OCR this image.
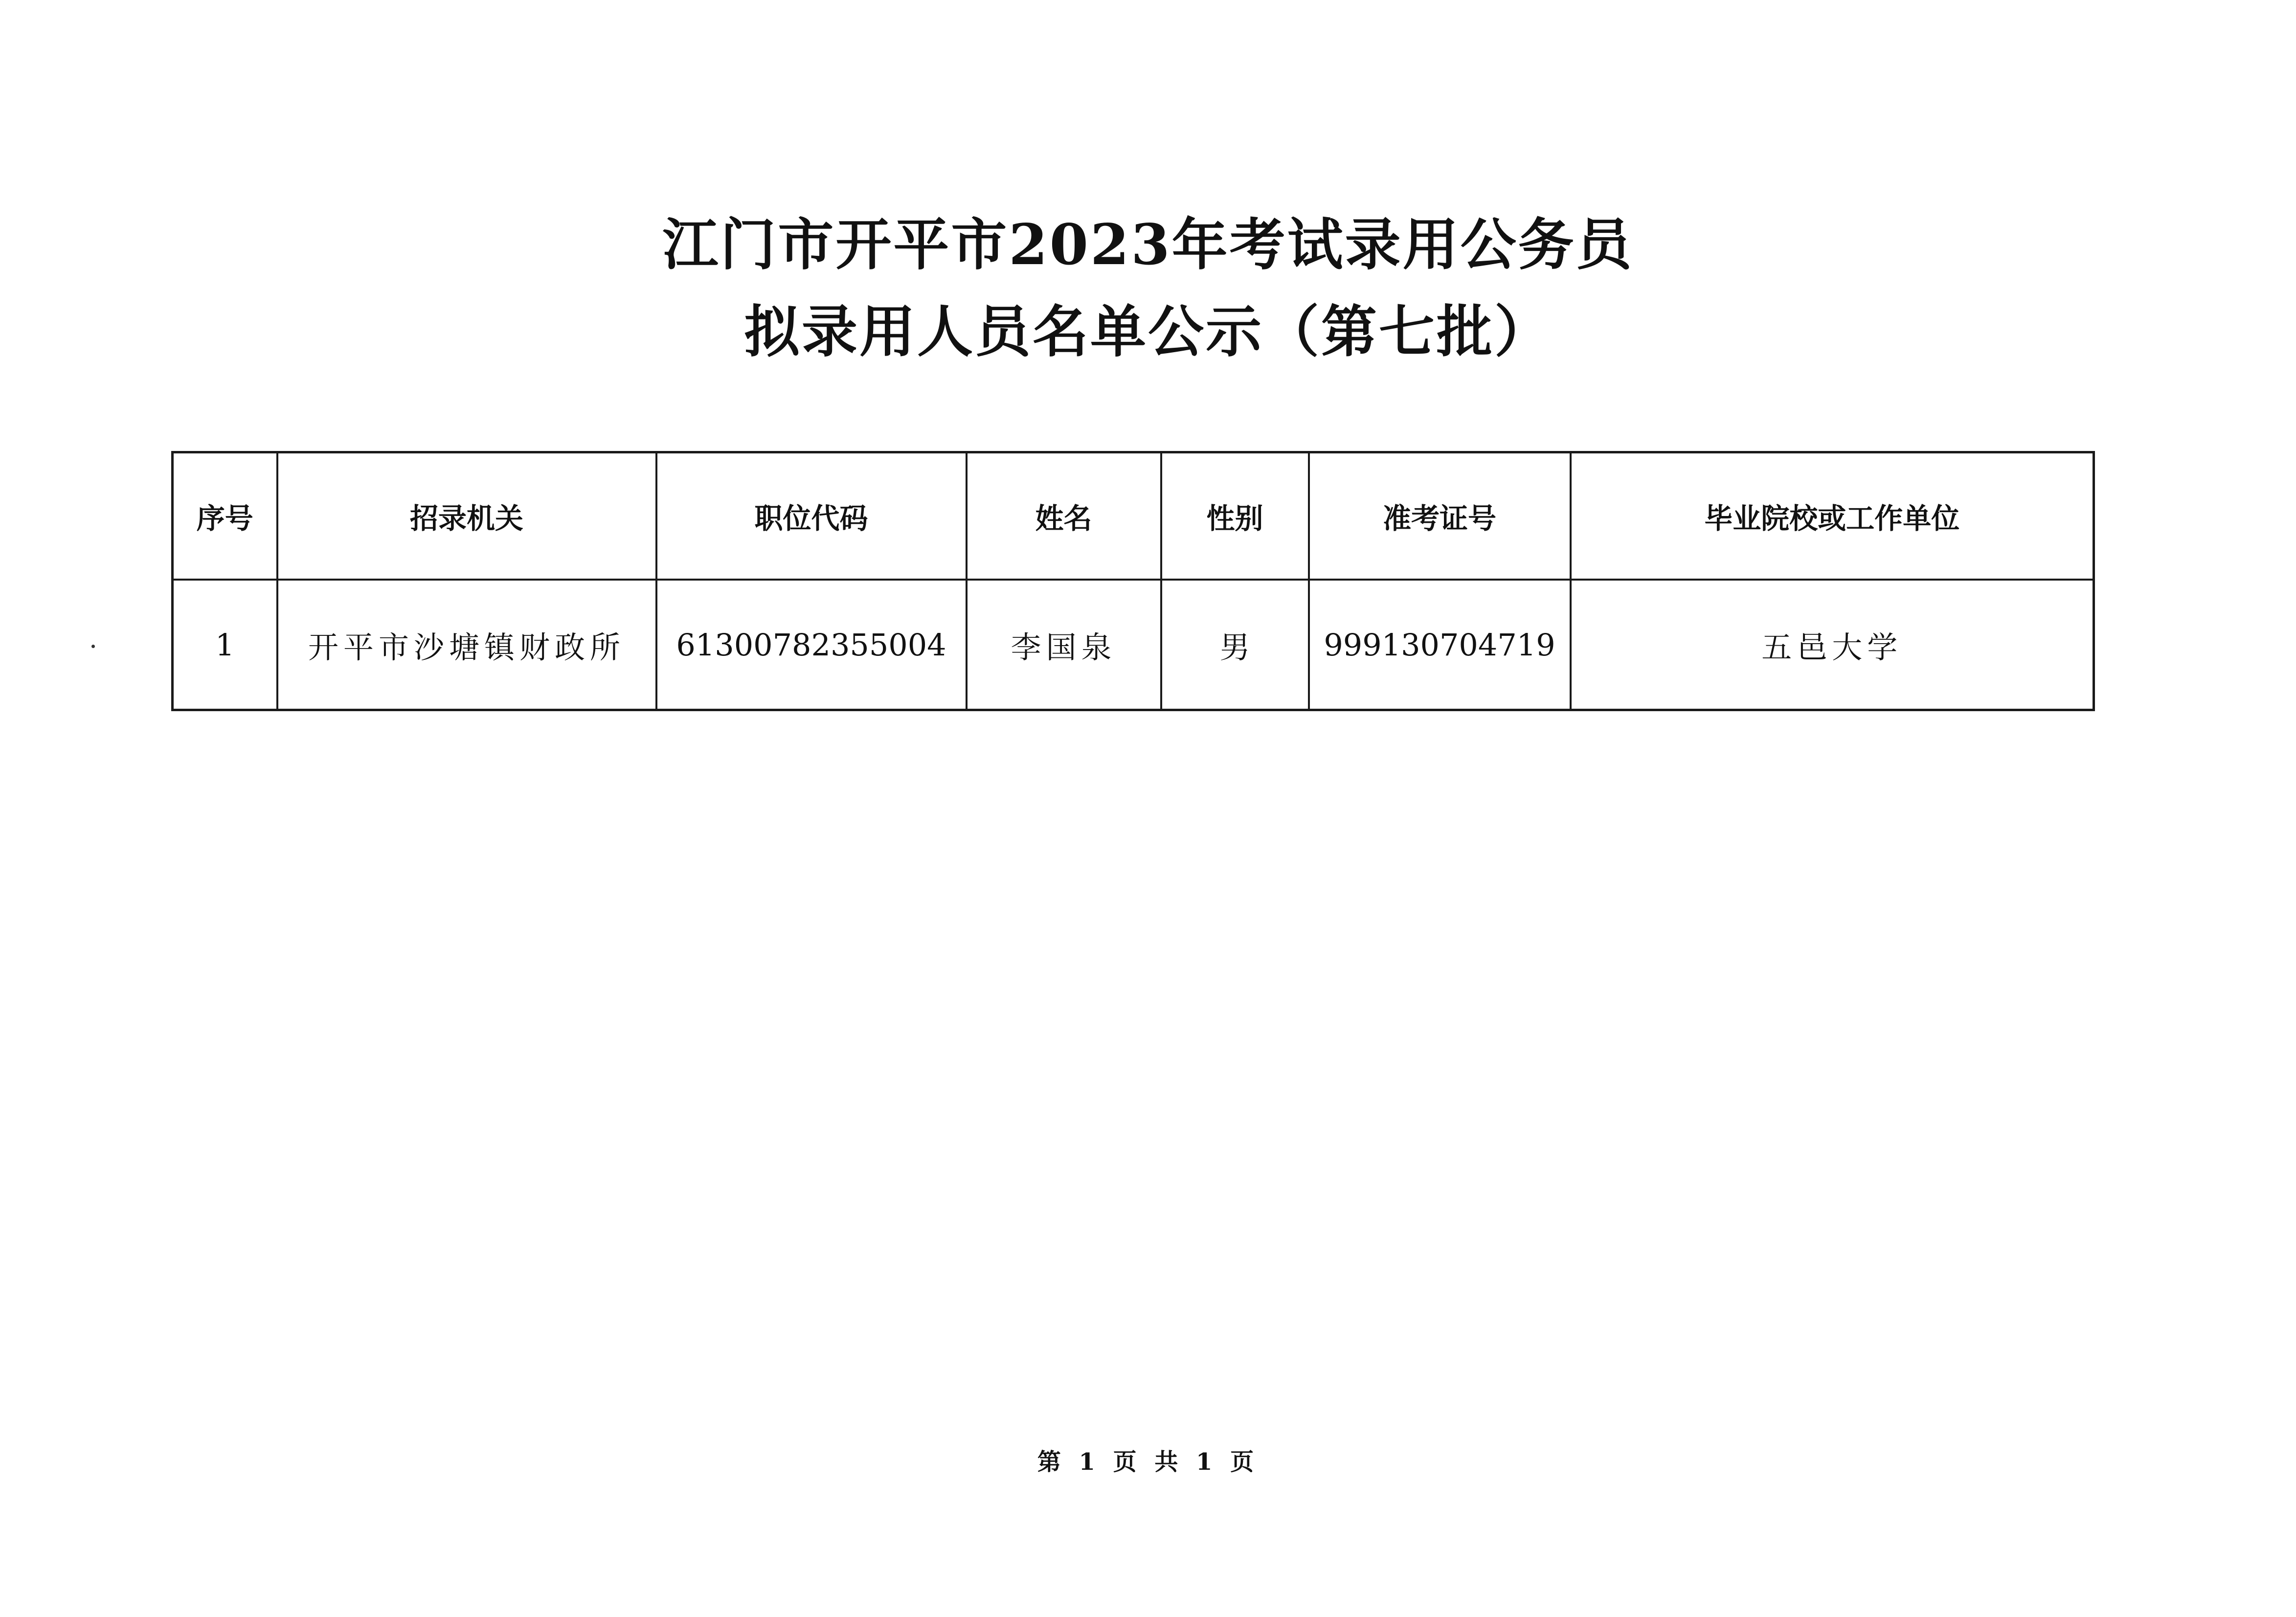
江门市开平市2023年考试录用公务员
拟录用人员名单公示（第七批）
序号	招录机关	职位代码	姓名	性别	准考证号	毕业院校或工作单位
1	开平市沙塘镇财政所	61300782355004	李国泉	男	999130704719	五邑大学
第 1 页 共 1 页
